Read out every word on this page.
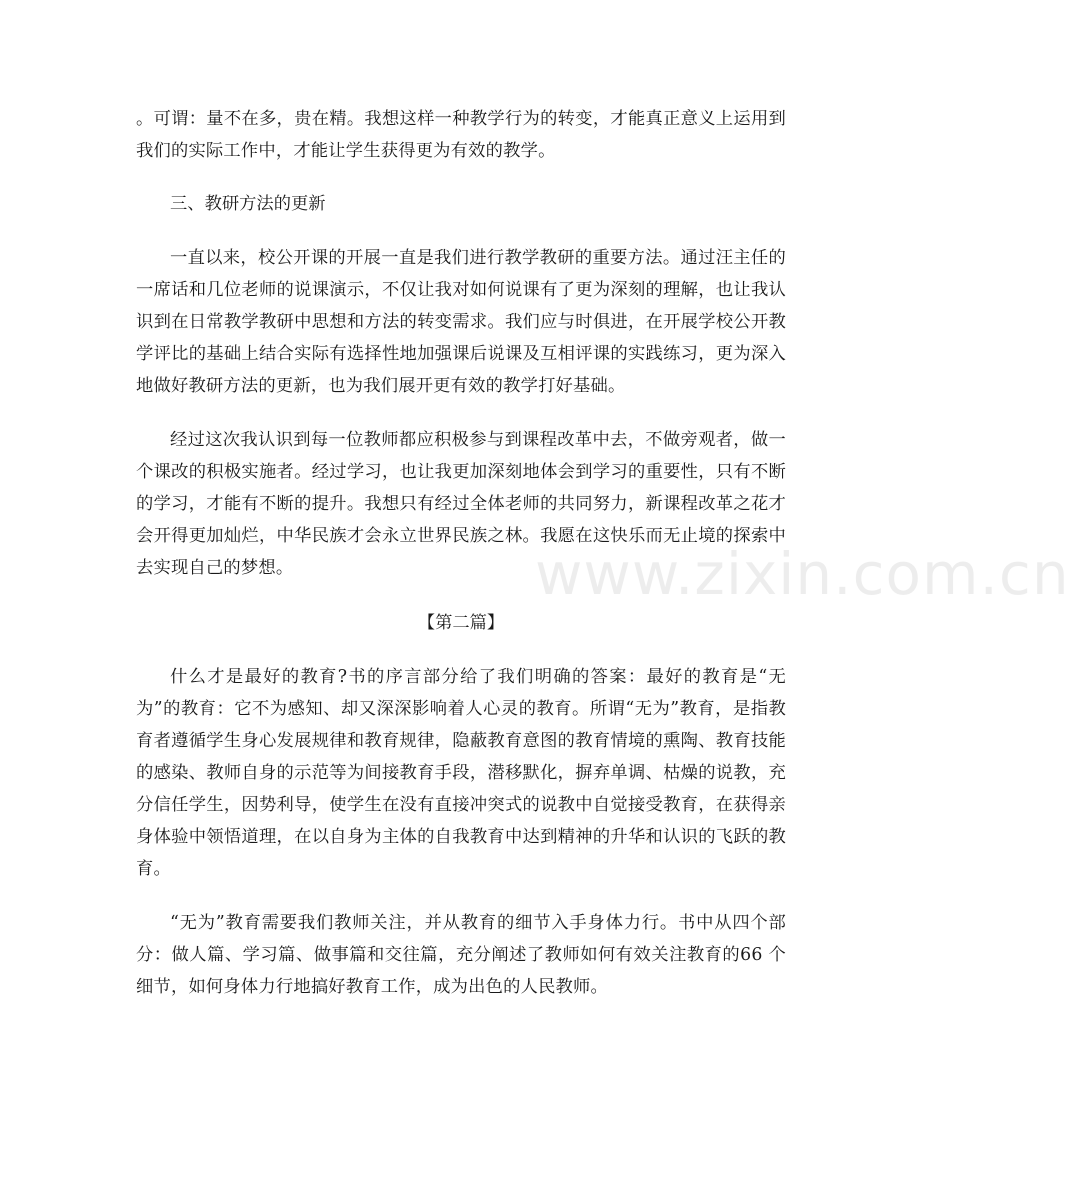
。可谓：量不在多，贵在精。我想这样一种教学行为的转变，才能真正意义上运用到我们的实际工作中，才能让学生获得更为有效的教学。

三、教研方法的更新

一直以来，校公开课的开展一直是我们进行教学教研的重要方法。通过汪主任的一席话和几位老师的说课演示，不仅让我对如何说课有了更为深刻的理解，也让我认识到在日常教学教研中思想和方法的转变需求。我们应与时俱进，在开展学校公开教学评比的基础上结合实际有选择性地加强课后说课及互相评课的实践练习，更为深入地做好教研方法的更新，也为我们展开更有效的教学打好基础。

经过这次我认识到每一位教师都应积极参与到课程改革中去，不做旁观者，做一个课改的积极实施者。经过学习，也让我更加深刻地体会到学习的重要性，只有不断的学习，才能有不断的提升。我想只有经过全体老师的共同努力，新课程改革之花才会开得更加灿烂，中华民族才会永立世界民族之林。我愿在这快乐而无止境的探索中去实现自己的梦想。

【第二篇】

什么才是最好的教育?书的序言部分给了我们明确的答案：最好的教育是“无为”的教育：它不为感知、却又深深影响着人心灵的教育。所谓“无为”教育，是指教育者遵循学生身心发展规律和教育规律，隐蔽教育意图的教育情境的熏陶、教育技能的感染、教师自身的示范等为间接教育手段，潜移默化，摒弃单调、枯燥的说教，充分信任学生，因势利导，使学生在没有直接冲突式的说教中自觉接受教育，在获得亲身体验中领悟道理，在以自身为主体的自我教育中达到精神的升华和认识的飞跃的教育。

“无为”教育需要我们教师关注，并从教育的细节入手身体力行。书中从四个部分：做人篇、学习篇、做事篇和交往篇，充分阐述了教师如何有效关注教育的66 个细节，如何身体力行地搞好教育工作，成为出色的人民教师。

www.zixin.com.cn
